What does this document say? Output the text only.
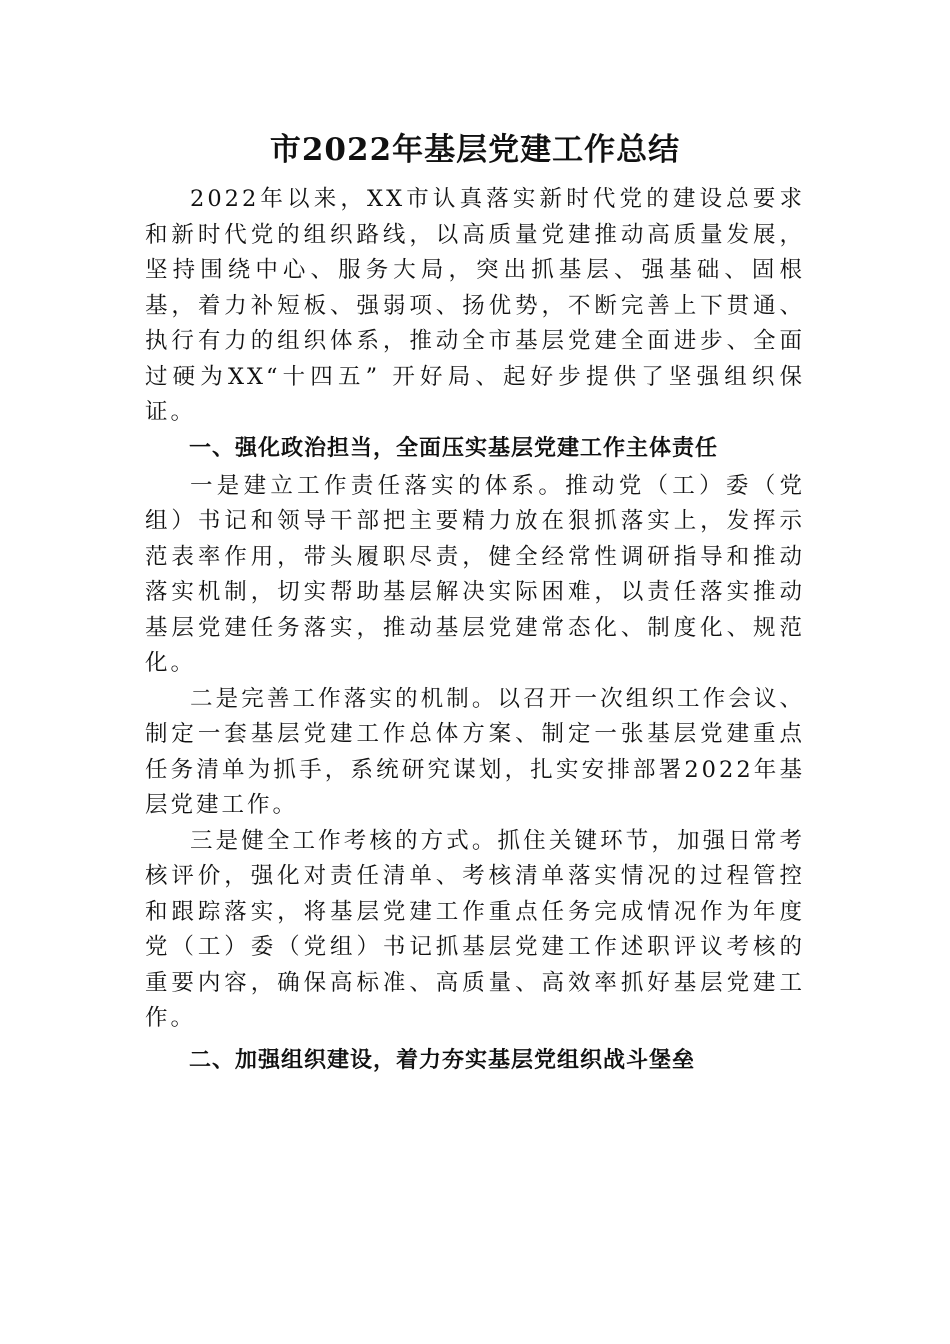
市2022年基层党建工作总结

2022年以来，XX市认真落实新时代党的建设总要求和新时代党的组织路线，以高质量党建推动高质量发展，坚持围绕中心、服务大局，突出抓基层、强基础、固根基，着力补短板、强弱项、扬优势，不断完善上下贯通、执行有力的组织体系，推动全市基层党建全面进步、全面过硬为XX“十四五” 开好局、起好步提供了坚强组织保证。

一、强化政治担当，全面压实基层党建工作主体责任

一是建立工作责任落实的体系。推动党（工）委（党组）书记和领导干部把主要精力放在狠抓落实上，发挥示范表率作用，带头履职尽责，健全经常性调研指导和推动落实机制，切实帮助基层解决实际困难，以责任落实推动基层党建任务落实，推动基层党建常态化、制度化、规范化。

二是完善工作落实的机制。以召开一次组织工作会议、制定一套基层党建工作总体方案、制定一张基层党建重点任务清单为抓手，系统研究谋划，扎实安排部署2022年基层党建工作。

三是健全工作考核的方式。抓住关键环节，加强日常考核评价，强化对责任清单、考核清单落实情况的过程管控和跟踪落实，将基层党建工作重点任务完成情况作为年度党（工）委（党组）书记抓基层党建工作述职评议考核的重要内容，确保高标准、高质量、高效率抓好基层党建工作。

二、加强组织建设，着力夯实基层党组织战斗堡垒
